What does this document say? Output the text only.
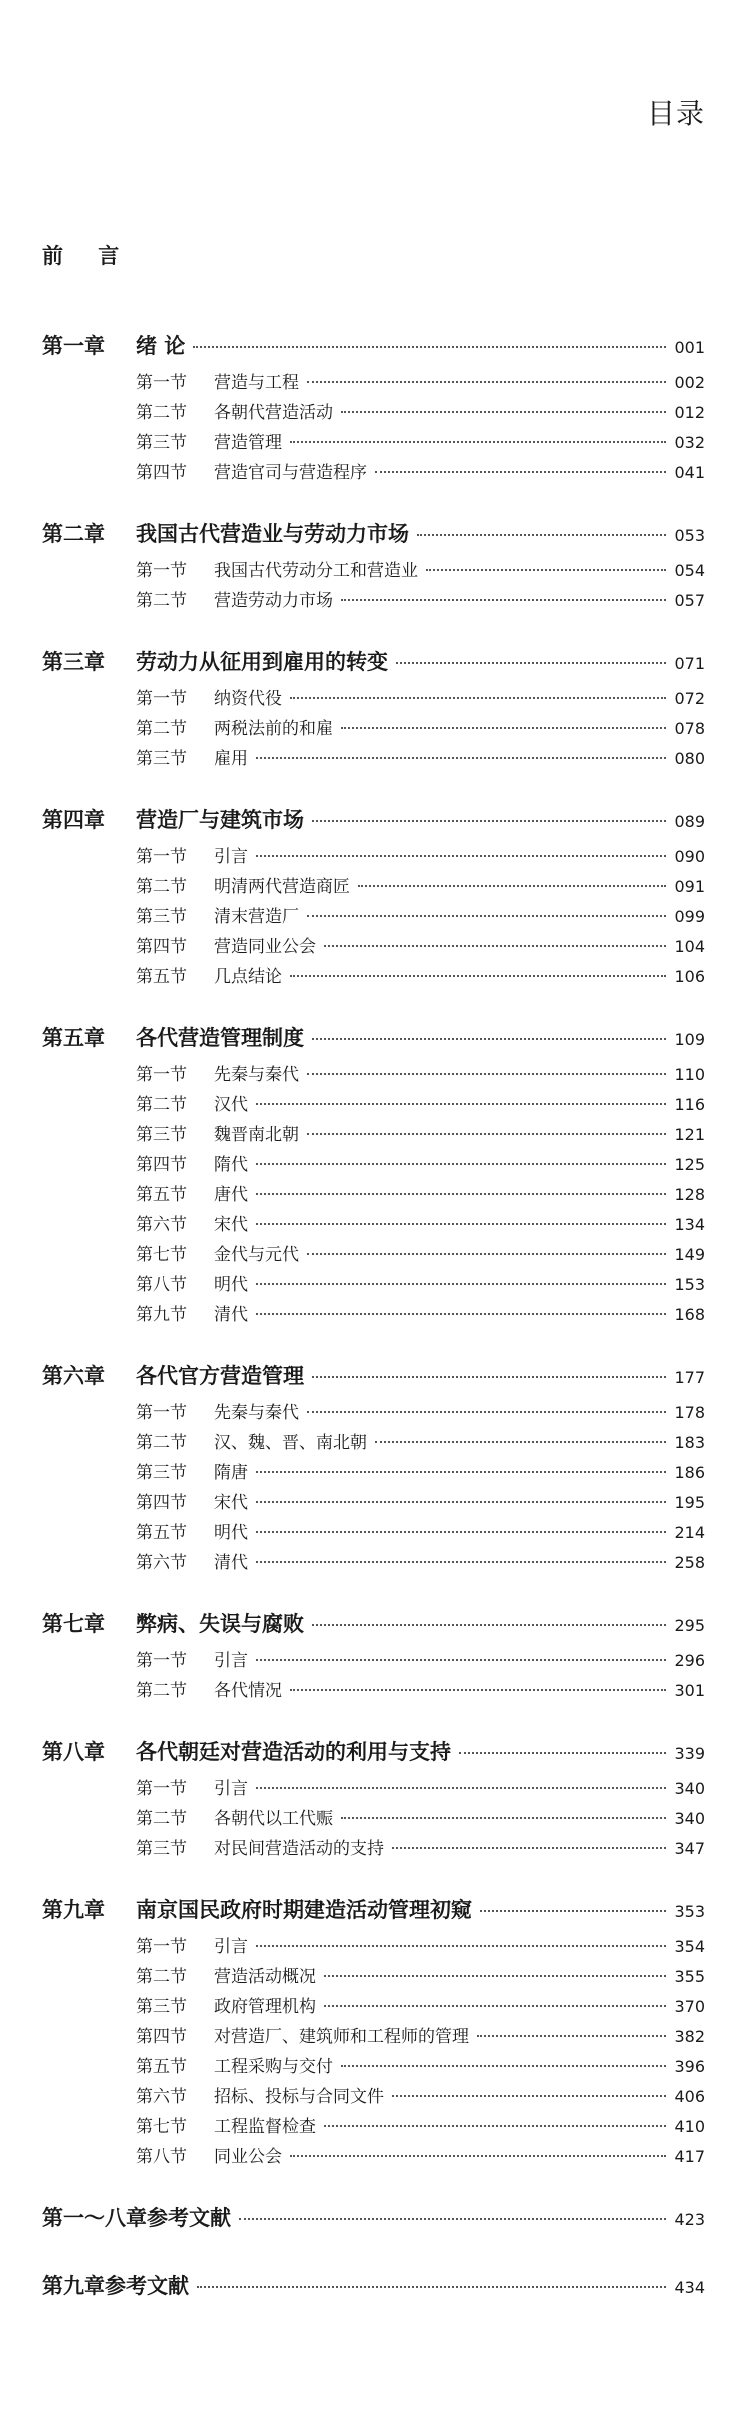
目录
前 言
第一章	绪 论	001
第一节	营造与工程	002
第二节	各朝代营造活动	012
第三节	营造管理	032
第四节	营造官司与营造程序	041
第二章	我国古代营造业与劳动力市场	053
第一节	我国古代劳动分工和营造业	054
第二节	营造劳动力市场	057
第三章	劳动力从征用到雇用的转变	071
第一节	纳资代役	072
第二节	两税法前的和雇	078
第三节	雇用	080
第四章	营造厂与建筑市场	089
第一节	引言	090
第二节	明清两代营造商匠	091
第三节	清末营造厂	099
第四节	营造同业公会	104
第五节	几点结论	106
第五章	各代营造管理制度	109
第一节	先秦与秦代	110
第二节	汉代	116
第三节	魏晋南北朝	121
第四节	隋代	125
第五节	唐代	128
第六节	宋代	134
第七节	金代与元代	149
第八节	明代	153
第九节	清代	168
第六章	各代官方营造管理	177
第一节	先秦与秦代	178
第二节	汉、魏、晋、南北朝	183
第三节	隋唐	186
第四节	宋代	195
第五节	明代	214
第六节	清代	258
第七章	弊病、失误与腐败	295
第一节	引言	296
第二节	各代情况	301
第八章	各代朝廷对营造活动的利用与支持	339
第一节	引言	340
第二节	各朝代以工代赈	340
第三节	对民间营造活动的支持	347
第九章	南京国民政府时期建造活动管理初窥	353
第一节	引言	354
第二节	营造活动概况	355
第三节	政府管理机构	370
第四节	对营造厂、建筑师和工程师的管理	382
第五节	工程采购与交付	396
第六节	招标、投标与合同文件	406
第七节	工程监督检查	410
第八节	同业公会	417
第一～八章参考文献	423
第九章参考文献	434
